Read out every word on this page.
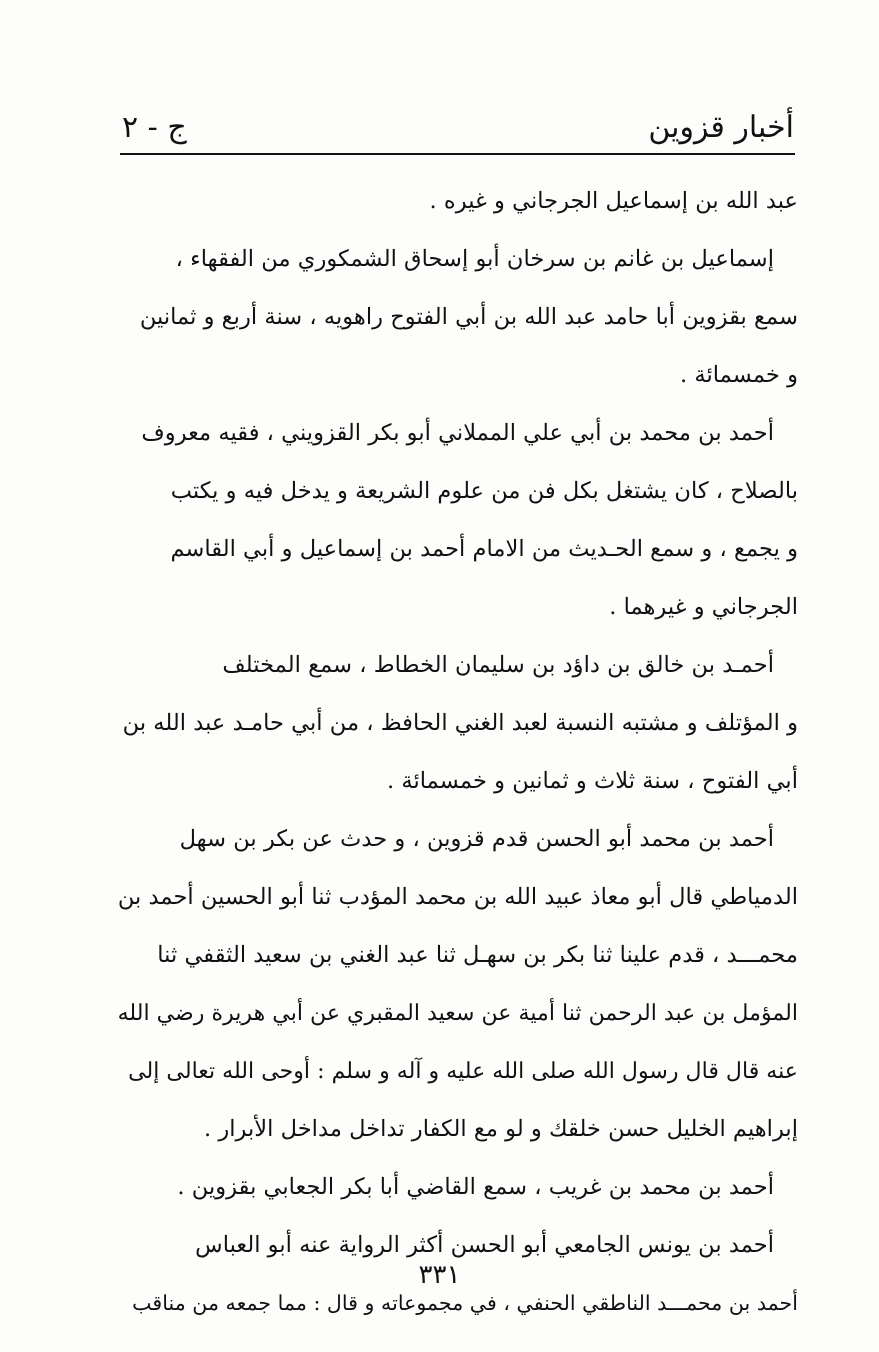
أخبار قزوين
ج - ٢
عبد الله بن إسماعيل الجرجاني و غيره .
إسماعيل بن غانم بن سرخان أبو إسحاق الشمكوري من الفقهاء ،
سمع بقزوين أبا حامد عبد الله بن أبي الفتوح راهويه ، سنة أربع و ثمانين
و خمسمائة .
أحمد بن محمد بن أبي علي المملاني أبو بكر القزويني ، فقيه معروف
بالصلاح ، كان يشتغل بكل فن من علوم الشريعة و يدخل فيه و يكتب
و يجمع ، و سمع الحـديث من الامام أحمد بن إسماعيل و أبي القاسم
الجرجاني و غيرهما .
أحمـد بن خالق بن داؤد بن سليمان الخطاط ، سمع المختلف
و المؤتلف و مشتبه النسبة لعبد الغني الحافظ ، من أبي حامـد عبد الله بن
أبي الفتوح ، سنة ثلاث و ثمانين و خمسمائة .
أحمد بن محمد أبو الحسن قدم قزوين ، و حدث عن بكر بن سهل
الدمياطي قال أبو معاذ عبيد الله بن محمد المؤدب ثنا أبو الحسين أحمد بن
محمـــد ، قدم علينا ثنا بكر بن سهـل ثنا عبد الغني بن سعيد الثقفي ثنا
المؤمل بن عبد الرحمن ثنا أمية عن سعيد المقبري عن أبي هريرة رضي الله
عنه قال قال رسول الله صلى الله عليه و آله و سلم : أوحى الله تعالى إلى
إبراهيم الخليل حسن خلقك و لو مع الكفار تداخل مداخل الأبرار .
أحمد بن محمد بن غريب ، سمع القاضي أبا بكر الجعابي بقزوين .
أحمد بن يونس الجامعي أبو الحسن أكثر الرواية عنه أبو العباس
أحمد بن محمـــد الناطقي الحنفي ، في مجموعاته و قال : مما جمعه من مناقب
٣٣١
